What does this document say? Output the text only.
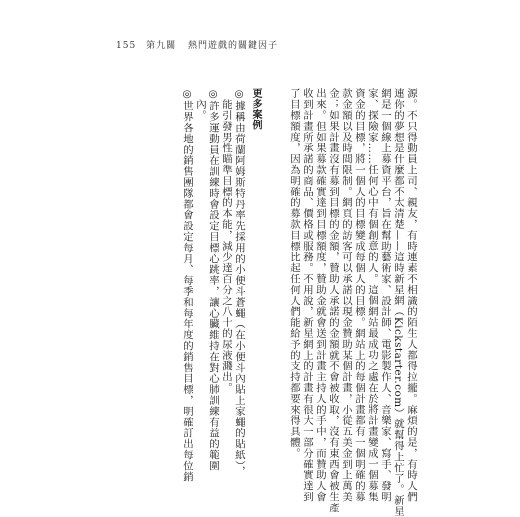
155 第九關 熱門遊戲的關鍵因子
源。不只得動員上司、親友，有時連素不相識的陌生人都得拉攏。麻煩的是，有時人們
連你的夢想是什麼都不太清楚——這時新星網（Kickstarter.com）就幫得上忙了。新星
網是一個線上募資平台，旨在幫助藝術家、設計師、電影製作人、音樂家、寫手、發明
家、探險家……任何心中有個創意的人。這個網站最成功之處在於將計畫變成一個募集
資金的目標，將一個人的目標變成每個人的目標。網站上的每個計畫都有一個明確的募
款金額以及時間限制。網頁的訪客可以承諾以現金贊助某個計畫，小從五美金到上萬美
金；如果計畫沒有募到目標的金額，贊助人承諾的金額就不會被收取，沒有東西會被生產
出來。但如果募款確實達到目標額度，贊助金就會送到計畫主持人的手中，而贊助人會
收到計畫所承諾的商品、價格或服務。不用說，新星網上的計畫有很大一部分確實達到
了目標額度，因為明確的募款目標比起任何人們能給予的支持都要來得具體。
更多案例
◎據稱由荷蘭阿姆斯特丹率先採用的小便斗蒼蠅（在小便斗內貼上家蠅的貼紙），
　能引發男性瞄準目標的本能，減少達百分之八十的尿液濺出。
◎許多運動員在訓練時會設定目標心跳率，讓心臟維持在對心肺訓練有益的範圍
　內。
◎世界各地的銷售團隊都會設定每月、每季和每年度的銷售目標，明確訂出每位銷
